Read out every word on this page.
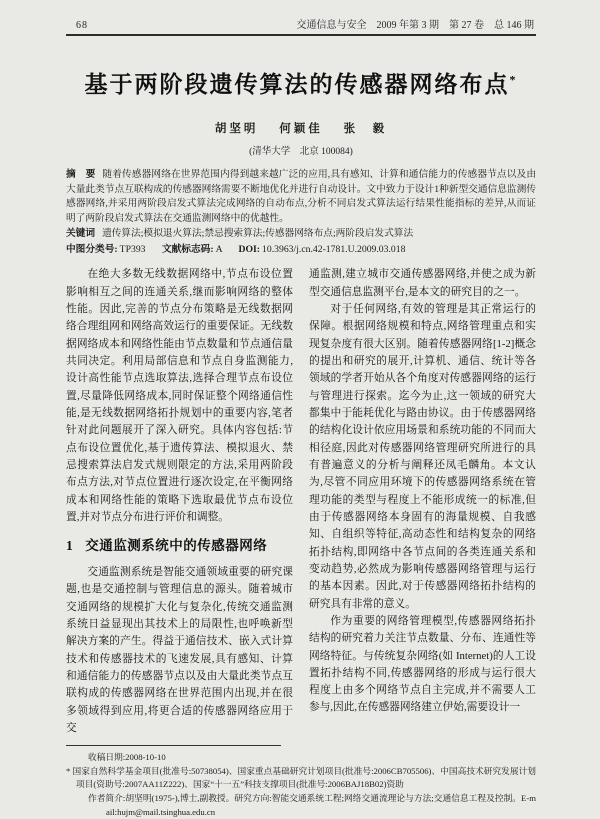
68	交通信息与安全　2009 年第 3 期　第 27 卷　总 146 期
基于两阶段遗传算法的传感器网络布点*
胡坚明 何颖佳 张　毅
(清华大学　北京 100084)

摘　要 随着传感器网络在世界范围内得到越来越广泛的应用,具有感知、计算和通信能力的传感器节点以及由大量此类节点互联构成的传感器网络需要不断地优化并进行自动设计。文中致力于设计1种新型交通信息监测传感器网络,并采用两阶段启发式算法完成网络的自动布点,分析不同启发式算法运行结果性能指标的差异,从而证明了两阶段启发式算法在交通监测网络中的优越性。

关键词 遗传算法;模拟退火算法;禁忌搜索算法;传感器网络布点;两阶段启发式算法

中图分类号: TP393 文献标志码: A DOI: 10.3963/j.cn.42-1781.U.2009.03.018

在绝大多数无线数据网络中,节点布设位置影响相互之间的连通关系,继而影响网络的整体性能。因此,完善的节点分布策略是无线数据网络合理组网和网络高效运行的重要保证。无线数据网络成本和网络性能由节点数量和节点通信量共同决定。利用局部信息和节点自身监测能力,设计高性能节点选取算法,选择合理节点布设位置,尽量降低网络成本,同时保证整个网络通信性能,是无线数据网络拓扑规划中的重要内容,笔者针对此问题展开了深入研究。具体内容包括:节点布设位置优化,基于遗传算法、模拟退火、禁忌搜索算法启发式规则限定的方法,采用两阶段布点方法,对节点位置进行逐次设定,在平衡网络成本和网络性能的策略下选取最优节点布设位置,并对节点分布进行评价和调整。

1 交通监测系统中的传感器网络

交通监测系统是智能交通领域重要的研究课题,也是交通控制与管理信息的源头。随着城市交通网络的规模扩大化与复杂化,传统交通监测系统日益显现出其技术上的局限性,也呼唤新型解决方案的产生。得益于通信技术、嵌入式计算技术和传感器技术的飞速发展,具有感知、计算和通信能力的传感器节点以及由大量此类节点互联构成的传感器网络在世界范围内出现,并在很多领域得到应用,将更合适的传感器网络应用于交

通监测,建立城市交通传感器网络,并使之成为新型交通信息监测平台,是本文的研究目的之一。

对于任何网络,有效的管理是其正常运行的保障。根据网络规模和特点,网络管理重点和实现复杂度有很大区别。随着传感器网络[1-2]概念的提出和研究的展开,计算机、通信、统计等各领域的学者开始从各个角度对传感器网络的运行与管理进行探索。迄今为止,这一领域的研究大都集中于能耗优化与路由协议。由于传感器网络的结构化设计依应用场景和系统功能的不同而大相径庭,因此对传感器网络管理研究所进行的具有普遍意义的分析与阐释还凤毛麟角。本文认为,尽管不同应用环境下的传感器网络系统在管理功能的类型与程度上不能形成统一的标准,但由于传感器网络本身固有的海量规模、自我感知、自组织等特征,高动态性和结构复杂的网络拓扑结构,即网络中各节点间的各类连通关系和变动趋势,必然成为影响传感器网络管理与运行的基本因素。因此,对于传感器网络拓扑结构的研究具有非常的意义。

作为重要的网络管理模型,传感器网络拓扑结构的研究着力关注节点数量、分布、连通性等网络特征。与传统复杂网络(如 Internet)的人工设置拓扑结构不同,传感器网络的形成与运行很大程度上由多个网络节点自主完成,并不需要人工参与,因此,在传感器网络建立伊始,需要设计一

收稿日期:2008-10-10

* 国家自然科学基金项目(批准号:50738054)、国家重点基础研究计划项目(批准号:2006CB705506)、中国高技术研究发展计划项目(资助号:2007AA11Z222)、国家“十一五”科技支撑项目(批准号:2006BAJ18B02)资助

作者简介:胡坚明(1975-),博士,副教授。研究方向:智能交通系统工程;网络交通流理论与方法;交通信息工程及控制。E-mail:hujm@mail.tsinghua.edu.cn
